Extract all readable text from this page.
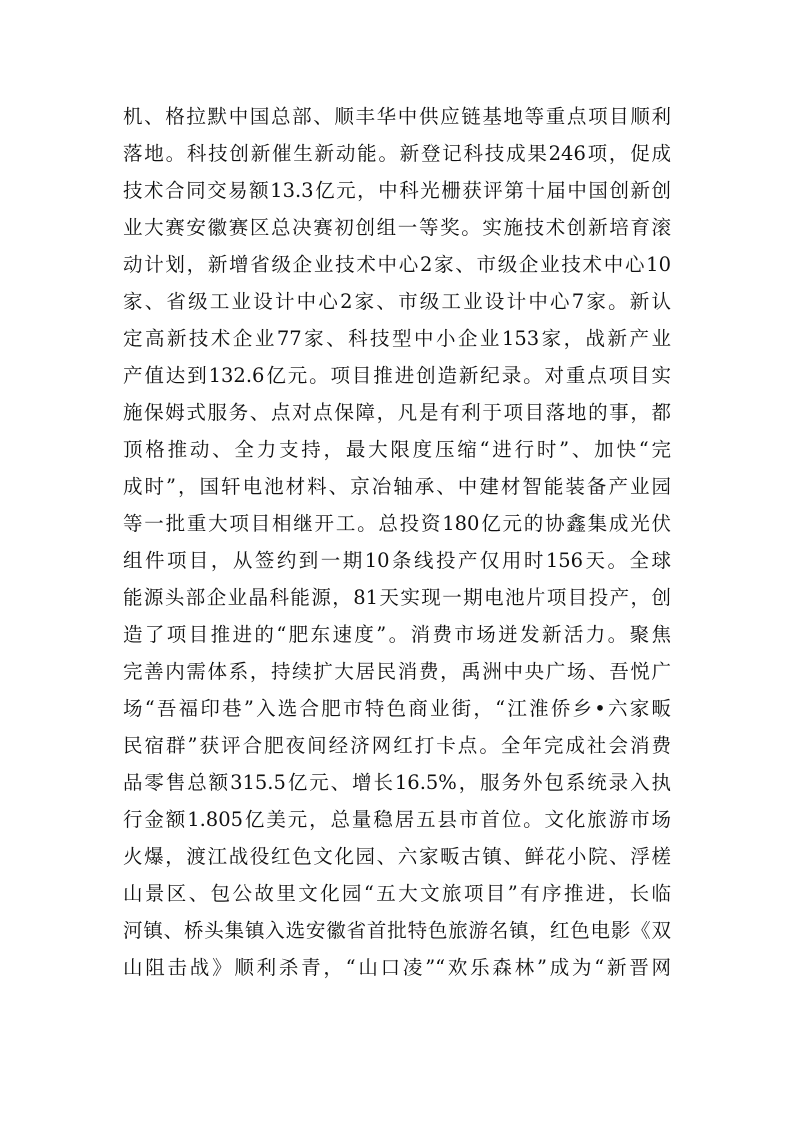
机、格拉默中国总部、顺丰华中供应链基地等重点项目顺利
落地。科技创新催生新动能。新登记科技成果246项，促成
技术合同交易额13.3亿元，中科光栅获评第十届中国创新创
业大赛安徽赛区总决赛初创组一等奖。实施技术创新培育滚
动计划，新增省级企业技术中心2家、市级企业技术中心10
家、省级工业设计中心2家、市级工业设计中心7家。新认
定高新技术企业77家、科技型中小企业153家，战新产业
产值达到132.6亿元。项目推进创造新纪录。对重点项目实
施保姆式服务、点对点保障，凡是有利于项目落地的事，都
顶格推动、全力支持，最大限度压缩“进行时”、加快“完
成时”，国轩电池材料、京冶轴承、中建材智能装备产业园
等一批重大项目相继开工。总投资180亿元的协鑫集成光伏
组件项目，从签约到一期10条线投产仅用时156天。全球
能源头部企业晶科能源，81天实现一期电池片项目投产，创
造了项目推进的“肥东速度”。消费市场迸发新活力。聚焦
完善内需体系，持续扩大居民消费，禹洲中央广场、吾悦广
场“吾福印巷”入选合肥市特色商业街，“江淮侨乡•六家畈
民宿群”获评合肥夜间经济网红打卡点。全年完成社会消费
品零售总额315.5亿元、增长16.5%，服务外包系统录入执
行金额1.805亿美元，总量稳居五县市首位。文化旅游市场
火爆，渡江战役红色文化园、六家畈古镇、鲜花小院、浮槎
山景区、包公故里文化园“五大文旅项目”有序推进，长临
河镇、桥头集镇入选安徽省首批特色旅游名镇，红色电影《双
山阻击战》顺利杀青，“山口凌”“欢乐森林”成为“新晋网
